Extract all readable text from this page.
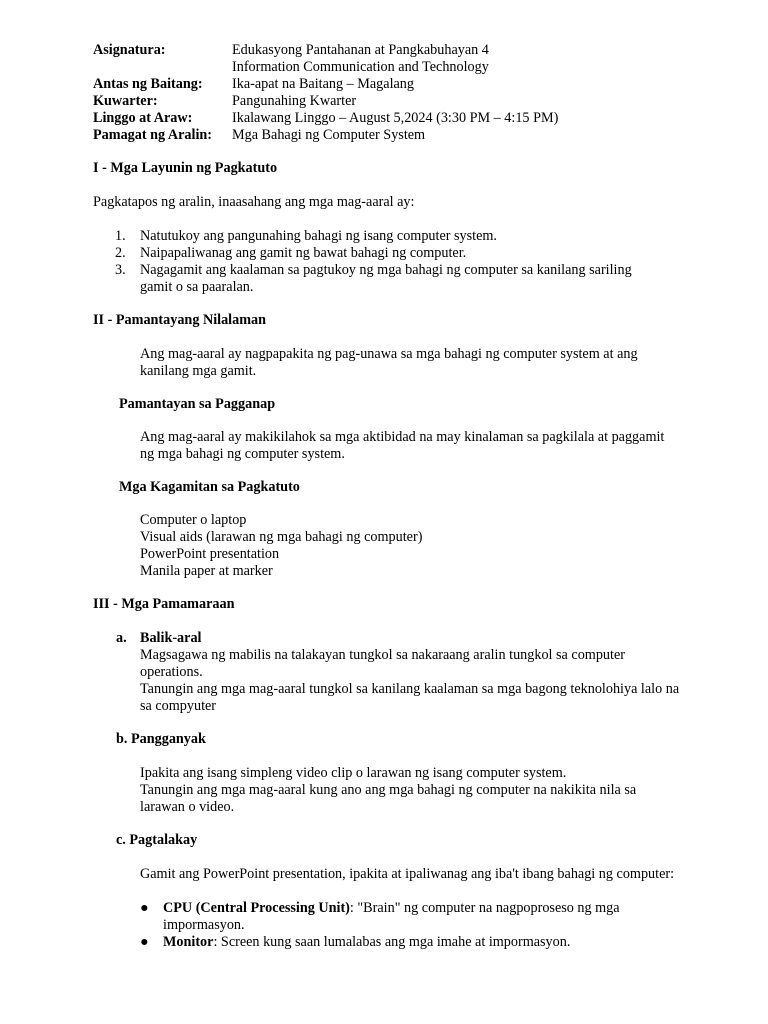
Asignatura:	Edukasyong Pantahanan at Pangkabuhayan 4
Information Communication and Technology
Antas ng Baitang:	Ika-apat na Baitang – Magalang
Kuwarter:	Pangunahing Kwarter
Linggo at Araw:	Ikalawang Linggo – August 5,2024 (3:30 PM – 4:15 PM)
Pamagat ng Aralin:	Mga Bahagi ng Computer System
I - Mga Layunin ng Pagkatuto

Pagkatapos ng aralin, inaasahang ang mga mag-aaral ay:

1. Natutukoy ang pangunahing bahagi ng isang computer system.
2. Naipapaliwanag ang gamit ng bawat bahagi ng computer.
3. Nagagamit ang kaalaman sa pagtukoy ng mga bahagi ng computer sa kanilang sariling gamit o sa paaralan.
II - Pamantayang Nilalaman

Ang mag-aaral ay nagpapakita ng pag-unawa sa mga bahagi ng computer system at ang kanilang mga gamit.

Pamantayan sa Pagganap

Ang mag-aaral ay makikilahok sa mga aktibidad na may kinalaman sa pagkilala at paggamit ng mga bahagi ng computer system.

Mga Kagamitan sa Pagkatuto
Computer o laptop
Visual aids (larawan ng mga bahagi ng computer)
PowerPoint presentation
Manila paper at marker
III - Mga Pamamaraan
a. Balik-aral
Magsagawa ng mabilis na talakayan tungkol sa nakaraang aralin tungkol sa computer operations.
Tanungin ang mga mag-aaral tungkol sa kanilang kaalaman sa mga bagong teknolohiya lalo na sa compyuter
b. Pangganyak
Ipakita ang isang simpleng video clip o larawan ng isang computer system.
Tanungin ang mga mag-aaral kung ano ang mga bahagi ng computer na nakikita nila sa larawan o video.
c. Pagtalakay
Gamit ang PowerPoint presentation, ipakita at ipaliwanag ang iba't ibang bahagi ng computer:
● CPU (Central Processing Unit): "Brain" ng computer na nagpoproseso ng mga impormasyon.
● Monitor: Screen kung saan lumalabas ang mga imahe at impormasyon.
